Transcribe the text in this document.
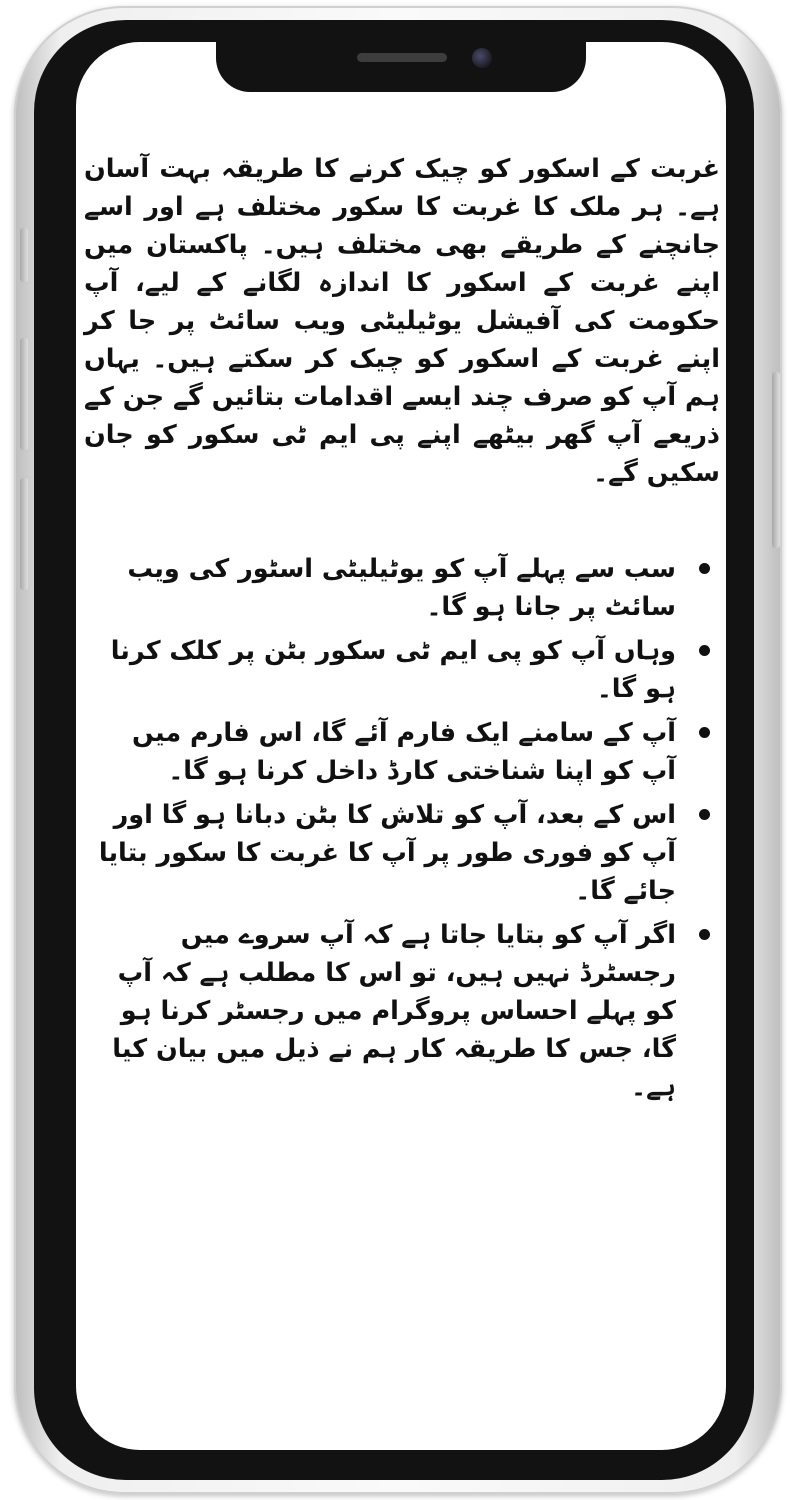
غربت کے اسکور کو چیک کرنے کا طریقہ بہت آسان ہے۔ ہر ملک کا غربت کا سکور مختلف ہے اور اسے جانچنے کے طریقے بھی مختلف ہیں۔ پاکستان میں اپنے غربت کے اسکور کا اندازہ لگانے کے لیے، آپ حکومت کی آفیشل یوٹیلیٹی ویب سائٹ پر جا کر اپنے غربت کے اسکور کو چیک کر سکتے ہیں۔ یہاں ہم آپ کو صرف چند ایسے اقدامات بتائیں گے جن کے ذریعے آپ گھر بیٹھے اپنے پی ایم ٹی سکور کو جان سکیں گے۔

سب سے پہلے آپ کو یوٹیلیٹی اسٹور کی ویب سائٹ پر جانا ہو گا۔
وہاں آپ کو پی ایم ٹی سکور بٹن پر کلک کرنا ہو گا۔
آپ کے سامنے ایک فارم آئے گا، اس فارم میں آپ کو اپنا شناختی کارڈ داخل کرنا ہو گا۔
اس کے بعد، آپ کو تلاش کا بٹن دبانا ہو گا اور آپ کو فوری طور پر آپ کا غربت کا سکور بتایا جائے گا۔
اگر آپ کو بتایا جاتا ہے کہ آپ سروے میں رجسٹرڈ نہیں ہیں، تو اس کا مطلب ہے کہ آپ کو پہلے احساس پروگرام میں رجسٹر کرنا ہو گا، جس کا طریقہ کار ہم نے ذیل میں بیان کیا ہے۔
